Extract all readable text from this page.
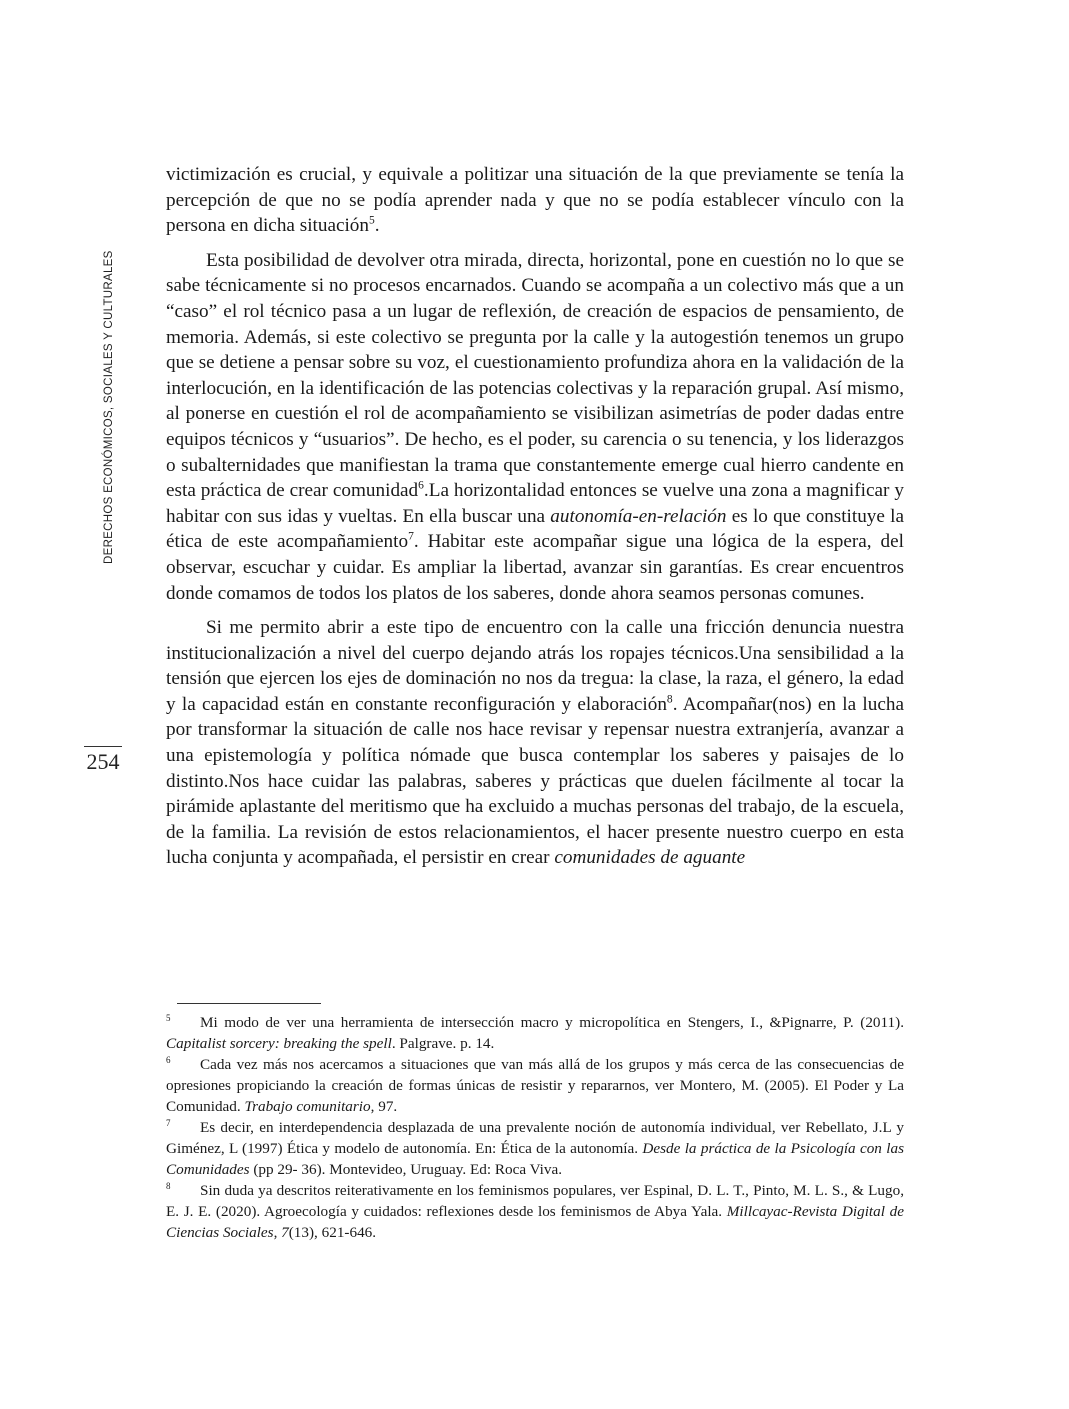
DERECHOS ECONÓMICOS, SOCIALES Y CULTURALES
254

victimización es crucial, y equivale a politizar una situación de la que previamente se tenía la percepción de que no se podía aprender nada y que no se podía establecer vínculo con la persona en dicha situación$^5$.

Esta posibilidad de devolver otra mirada, directa, horizontal, pone en cuestión no lo que se sabe técnicamente si no procesos encarnados. Cuando se acompaña a un colectivo más que a un “caso” el rol técnico pasa a un lugar de reflexión, de creación de espacios de pensamiento, de memoria. Además, si este colectivo se pregunta por la calle y la autogestión tenemos un grupo que se detiene a pensar sobre su voz, el cuestionamiento profundiza ahora en la validación de la interlocución, en la identificación de las potencias colectivas y la reparación grupal. Así mismo, al ponerse en cuestión el rol de acompañamiento se visibilizan asimetrías de poder dadas entre equipos técnicos y “usuarios”. De hecho, es el poder, su carencia o su tenencia, y los liderazgos o subalternidades que manifiestan la trama que constantemente emerge cual hierro candente en esta práctica de crear comunidad$^6$.La horizontalidad entonces se vuelve una zona a magnificar y habitar con sus idas y vueltas. En ella buscar una autonomía-en-relación es lo que constituye la ética de este acompañamiento$^7$. Habitar este acompañar sigue una lógica de la espera, del observar, escuchar y cuidar. Es ampliar la libertad, avanzar sin garantías. Es crear encuentros donde comamos de todos los platos de los saberes, donde ahora seamos personas comunes.

Si me permito abrir a este tipo de encuentro con la calle una fricción denuncia nuestra institucionalización a nivel del cuerpo dejando atrás los ropajes técnicos.Una sensibilidad a la tensión que ejercen los ejes de dominación no nos da tregua: la clase, la raza, el género, la edad y la capacidad están en constante reconfiguración y elaboración$^8$. Acompañar(nos) en la lucha por transformar la situación de calle nos hace revisar y repensar nuestra extranjería, avanzar a una epistemología y política nómade que busca contemplar los saberes y paisajes de lo distinto.Nos hace cuidar las palabras, saberes y prácticas que duelen fácilmente al tocar la pirámide aplastante del meritismo que ha excluido a muchas personas del trabajo, de la escuela, de la familia. La revisión de estos relacionamientos, el hacer presente nuestro cuerpo en esta lucha conjunta y acompañada, el persistir en crear comunidades de aguante

5 Mi modo de ver una herramienta de intersección macro y micropolítica en Stengers, I., &Pignarre, P. (2011). Capitalist sorcery: breaking the spell. Palgrave. p. 14.

6 Cada vez más nos acercamos a situaciones que van más allá de los grupos y más cerca de las consecuencias de opresiones propiciando la creación de formas únicas de resistir y repararnos, ver Montero, M. (2005). El Poder y La Comunidad. Trabajo comunitario, 97.

7 Es decir, en interdependencia desplazada de una prevalente noción de autonomía individual, ver Rebellato, J.L y Giménez, L (1997) Ética y modelo de autonomía. En: Ética de la autonomía. Desde la práctica de la Psicología con las Comunidades (pp 29- 36). Montevideo, Uruguay. Ed: Roca Viva.

8 Sin duda ya descritos reiterativamente en los feminismos populares, ver Espinal, D. L. T., Pinto, M. L. S., & Lugo, E. J. E. (2020). Agroecología y cuidados: reflexiones desde los feminismos de Abya Yala. Millcayac-Revista Digital de Ciencias Sociales, 7(13), 621-646.
